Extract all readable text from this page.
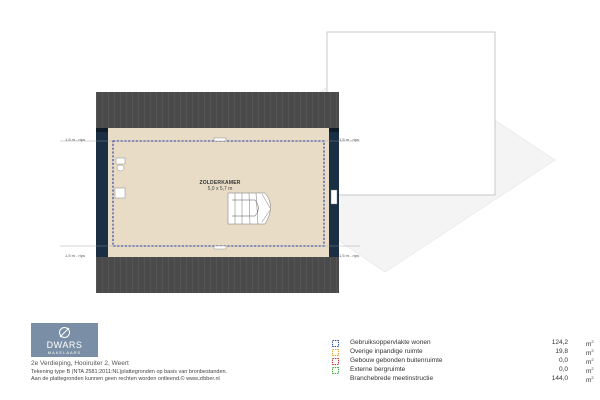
1,5 m - rips	1,5 m - rips
1,5 m - rips	1,5 m - rips
ZOLDERKAMER
5,0 x 5,7 m
DWARS
MAKELAARS
2e Verdieping, Hooiruiter 2, Weert
Tekening type B (NTA 2581:2011:NL)plattegronden op basis van bronbestanden.
Aan de plattegronden kunnen geen rechten worden ontleend.© www.zibber.nl
Gebruiksoppervlakte wonen	124,2	$m^2$
Overige inpandige ruimte	19,8	$m^2$
Gebouw gebonden buitenruimte	0,0	$m^2$
Externe bergruimte	0,0	$m^2$
Branchebrede meetinstructie	144,0	$m^2$
